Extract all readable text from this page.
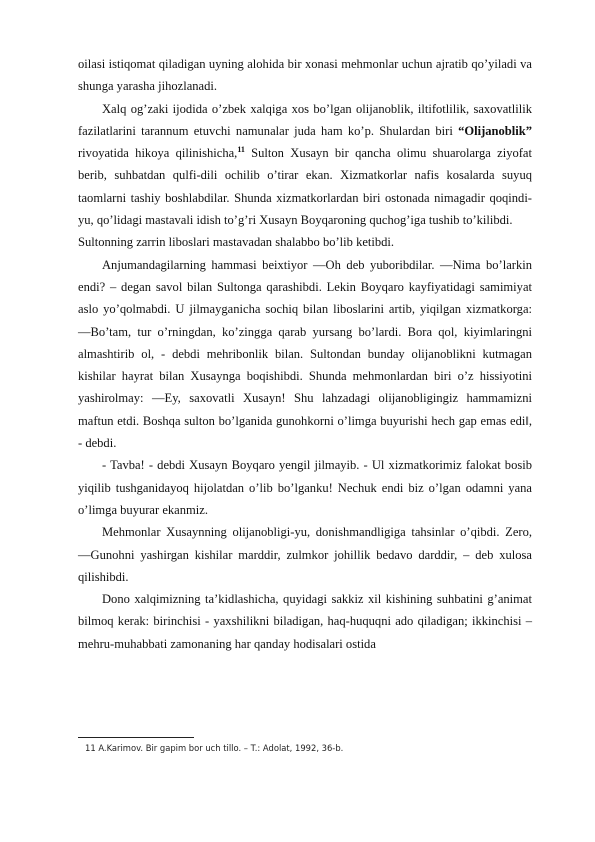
oilasi istiqomat qiladigan uyning alohida bir xonasi mehmonlar uchun ajratib qo’yiladi va shunga yarasha jihozlanadi.

Xalq og’zaki ijodida o’zbek xalqiga xos bo’lgan olijanoblik, iltifotlilik, saxovatlilik fazilatlarini tarannum etuvchi namunalar juda ham ko’p. Shulardan biri “Olijanoblik” rivoyatida hikoya qilinishicha,$^{11}$ Sulton Xusayn bir qancha olimu shuarolarga ziyofat berib, suhbatdan qulfi-dili ochilib o’tirar ekan. Xizmatkorlar nafis kosalarda suyuq taomlarni tashiy boshlabdilar. Shunda xizmatkorlardan biri ostonada nimagadir qoqindi-yu, qo’lidagi mastavali idish to’g’ri Xusayn Boyqaroning quchog’iga tushib to’kilibdi.

Sultonning zarrin liboslari mastavadan shalabbo bo’lib ketibdi.

Anjumandagilarning hammasi beixtiyor ―Oh deb yuboribdilar. ―Nima bo’larkin endi? – degan savol bilan Sultonga qarashibdi. Lekin Boyqaro kayfiyatidagi samimiyat aslo yo’qolmabdi. U jilmayganicha sochiq bilan liboslarini artib, yiqilgan xizmatkorga: ―Bo’tam, tur o’rningdan, ko’zingga qarab yursang bo’lardi. Bora qol, kiyimlaringni almashtirib ol, - debdi mehribonlik bilan. Sultondan bunday olijanoblikni kutmagan kishilar hayrat bilan Xusaynga boqishibdi. Shunda mehmonlardan biri o’z hissiyotini yashirolmay: ―Ey, saxovatli Xusayn! Shu lahzadagi olijanobligingiz hammamizni maftun etdi. Boshqa sulton bo’lganida gunohkorni o’limga buyurishi hech gap emas edi‖, - debdi.

- Tavba! - debdi Xusayn Boyqaro yengil jilmayib. - Ul xizmatkorimiz falokat bosib yiqilib tushganidayoq hijolatdan o’lib bo’lganku! Nechuk endi biz o’lgan odamni yana o’limga buyurar ekanmiz.

Mehmonlar Xusaynning olijanobligi-yu, donishmandligiga tahsinlar o’qibdi. Zero, ―Gunohni yashirgan kishilar marddir, zulmkor johillik bedavo darddir, – deb xulosa qilishibdi.

Dono xalqimizning ta’kidlashicha, quyidagi sakkiz xil kishining suhbatini g’animat bilmoq kerak: birinchisi - yaxshilikni biladigan, haq-huquqni ado qiladigan; ikkinchisi – mehru-muhabbati zamonaning har qanday hodisalari ostida

11 A.Karimov. Bir gapim bor uch tillo. – T.: Adolat, 1992, 36-b.
